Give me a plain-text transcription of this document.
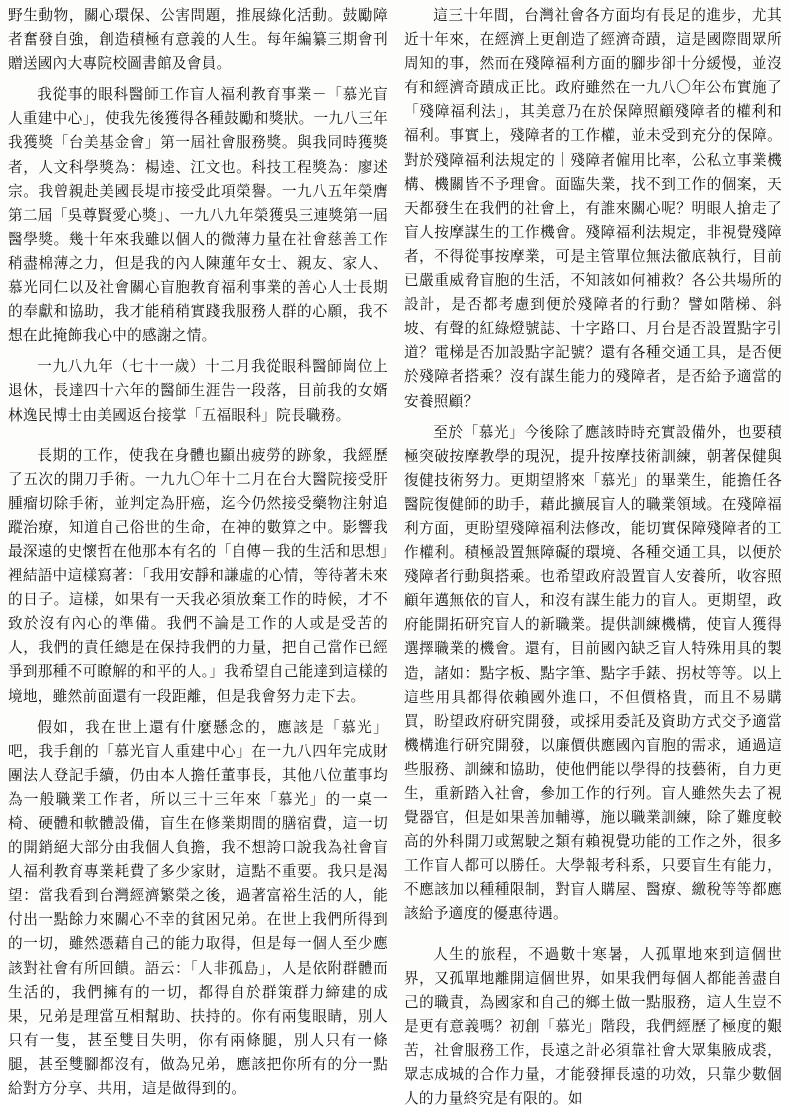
野生動物，關心環保、公害問題，推展綠化活動。鼓勵障者奮發自強，創造積極有意義的人生。每年編纂三期會刊贈送國內大專院校圖書館及會員。

我從事的眼科醫師工作盲人福利教育事業－「慕光盲人重建中心」，使我先後獲得各種鼓勵和獎狀。一九八三年我獲獎「台美基金會」第一屆社會服務獎。與我同時獲獎者，人文科學獎為：楊逵、江文也。科技工程獎為：廖述宗。我曾親赴美國長堤市接受此項榮譽。一九八五年榮膺第二屆「吳尊賢愛心獎」、一九八九年榮獲吳三連獎第一屆醫學獎。幾十年來我雖以個人的微薄力量在社會慈善工作稍盡棉薄之力，但是我的內人陳蓮年女士、親友、家人、慕光同仁以及社會關心盲胞教育福利事業的善心人士長期的奉獻和協助，我才能稍稍實踐我服務人群的心願，我不想在此掩飾我心中的感謝之情。

一九八九年（七十一歲）十二月我從眼科醫師崗位上退休，長達四十六年的醫師生涯告一段落，目前我的女婿林逸民博士由美國返台接掌「五福眼科」院長職務。

長期的工作，使我在身體也顯出疲勞的跡象，我經歷了五次的開刀手術。一九九〇年十二月在台大醫院接受肝腫瘤切除手術，並判定為肝癌，迄今仍然接受藥物注射追蹤治療，知道自己俗世的生命，在神的數算之中。影響我最深遠的史懷哲在他那本有名的「自傳－我的生活和思想」裡結語中這樣寫著：「我用安靜和謙虛的心情，等待著未來的日子。這樣，如果有一天我必須放棄工作的時候，才不致於沒有內心的準備。我們不論是工作的人或是受苦的人，我們的責任總是在保持我們的力量，把自己當作已經爭到那種不可瞭解的和平的人。」我希望自己能達到這樣的境地，雖然前面還有一段距離，但是我會努力走下去。

假如，我在世上還有什麼懸念的，應該是「慕光」吧，我手創的「慕光盲人重建中心」在一九八四年完成財團法人登記手續，仍由本人擔任董事長，其他八位董事均為一般職業工作者，所以三十三年來「慕光」的一桌一椅、硬體和軟體設備，盲生在修業期間的膳宿費，這一切的開銷絕大部分由我個人負擔，我不想誇口說我為社會盲人福利教育專業耗費了多少家財，這點不重要。我只是渴望：當我看到台灣經濟繁榮之後，過著富裕生活的人，能付出一點餘力來關心不幸的貧困兄弟。在世上我們所得到的一切，雖然憑藉自己的能力取得，但是每一個人至少應該對社會有所回饋。語云：「人非孤島」，人是依附群體而生活的，我們擁有的一切，都得自於群策群力締建的成果，兄弟是理當互相幫助、扶持的。你有兩隻眼睛，別人只有一隻，甚至雙目失明，你有兩條腿，別人只有一條腿，甚至雙腳都沒有，做為兄弟，應該把你所有的分一點給對方分享、共用，這是做得到的。

這三十年間，台灣社會各方面均有長足的進步，尤其近十年來，在經濟上更創造了經濟奇蹟，這是國際間眾所周知的事，然而在殘障福利方面的腳步卻十分緩慢，並沒有和經濟奇蹟成正比。政府雖然在一九八〇年公布實施了「殘障福利法」，其美意乃在於保障照顧殘障者的權利和福利。事實上，殘障者的工作權，並未受到充分的保障。對於殘障福利法規定的｜殘障者僱用比率，公私立事業機構、機關皆不予理會。面臨失業，找不到工作的個案，天天都發生在我們的社會上，有誰來關心呢？明眼人搶走了盲人按摩謀生的工作機會。殘障福利法規定，非視覺殘障者，不得從事按摩業，可是主管單位無法徹底執行，目前已嚴重威脅盲胞的生活，不知該如何補救？各公共場所的設計，是否都考慮到便於殘障者的行動？譬如階梯、斜坡、有聲的紅綠燈號誌、十字路口、月台是否設置點字引道？電梯是否加設點字記號？還有各種交通工具，是否便於殘障者搭乘？沒有謀生能力的殘障者，是否給予適當的安養照顧？

至於「慕光」今後除了應該時時充實設備外，也要積極突破按摩教學的現況，提升按摩技術訓練，朝著保健與復健技術努力。更期望將來「慕光」的畢業生，能擔任各醫院復健師的助手，藉此擴展盲人的職業領域。在殘障福利方面，更盼望殘障福利法修改，能切實保障殘障者的工作權利。積極設置無障礙的環境、各種交通工具，以便於殘障者行動與搭乘。也希望政府設置盲人安養所，收容照顧年邁無依的盲人，和沒有謀生能力的盲人。更期望，政府能開拓研究盲人的新職業。提供訓練機構，使盲人獲得選擇職業的機會。還有，目前國內缺乏盲人特殊用具的製造，諸如：點字板、點字筆、點字手錶、拐杖等等。以上這些用具都得依賴國外進口，不但價格貴，而且不易購買，盼望政府研究開發，或採用委託及資助方式交予適當機構進行研究開發，以廉價供應國內盲胞的需求，通過這些服務、訓練和協助，使他們能以學得的技藝術，自力更生，重新踏入社會，參加工作的行列。盲人雖然失去了視覺器官，但是如果善加輔導，施以職業訓練，除了難度較高的外科開刀或駕駛之類有賴視覺功能的工作之外，很多工作盲人都可以勝任。大學報考科系，只要盲生有能力，不應該加以種種限制，對盲人購屋、醫療、繳稅等等都應該給予適度的優惠待遇。

人生的旅程，不過數十寒暑，人孤單地來到這個世界，又孤單地離開這個世界，如果我們每個人都能善盡自己的職責，為國家和自己的鄉土做一點服務，這人生豈不是更有意義嗎？初創「慕光」階段，我們經歷了極度的艱苦，社會服務工作，長遠之計必須靠社會大眾集腋成裘，眾志成城的合作力量，才能發揮長遠的功效，只靠少數個人的力量終究是有限的。如
